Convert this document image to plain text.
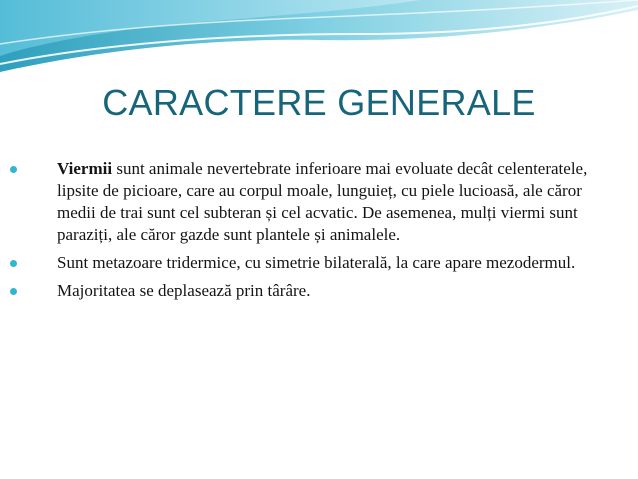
CARACTERE GENERALE
Viermii sunt animale nevertebrate inferioare mai evoluate decât celenteratele, lipsite de picioare, care au corpul moale, lunguieț, cu piele lucioasă, ale căror medii de trai sunt cel subteran și cel acvatic. De asemenea, mulți viermi sunt paraziți, ale căror gazde sunt plantele și animalele.
Sunt metazoare tridermice, cu simetrie bilaterală, la care apare mezodermul.
Majoritatea se deplasează prin târâre.
